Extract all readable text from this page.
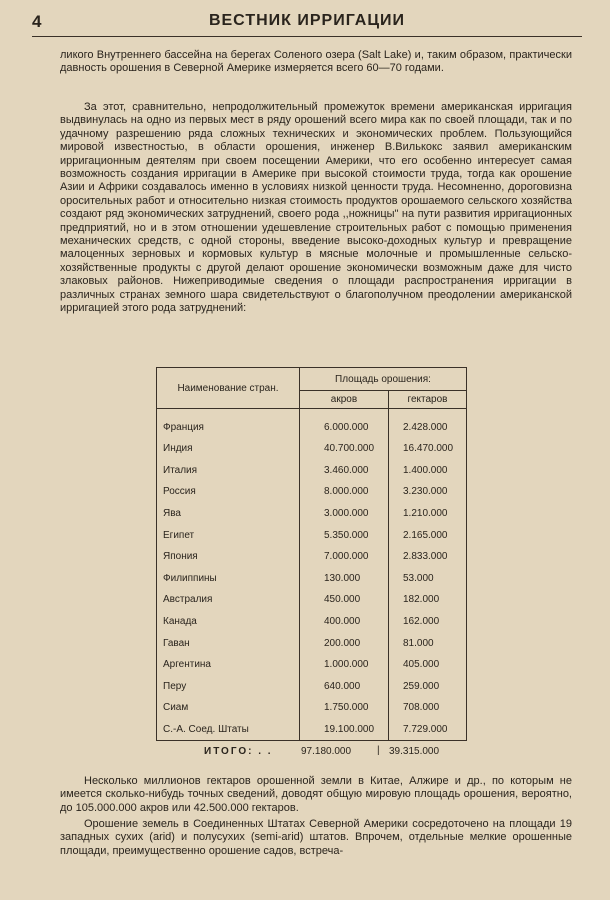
4	ВЕСТНИК ИРРИГАЦИИ

ликого Внутреннего бассейна на берегах Соленого озера (Salt Lake) и, таким образом, практически давность орошения в Северной Америке измеряется всего 60—70 годами.

За этот, сравнительно, непродолжительный промежуток времени американская ирригация выдвинулась на одно из первых мест в ряду орошений всего мира как по своей площади, так и по удачному разрешению ряда сложных технических и экономических проблем. Пользующийся мировой известностью, в области орошения, инженер В.Вилькокс заявил американским ирригационным деятелям при своем посещении Америки, что его особенно интересует самая возможность создания ирригации в Америке при высокой стоимости труда, тогда как орошение Азии и Африки создавалось именно в условиях низкой ценности труда. Несомненно, дороговизна оросительных работ и относительно низкая стоимость продуктов орошаемого сельского хозяйства создают ряд экономических затруднений, своего рода ,,ножницы" на пути развития ирригационных предприятий, но и в этом отношении удешевление строительных работ с помощью применения механических средств, с одной стороны, введение высоко-доходных культур и превращение малоценных зерновых и кормовых культур в мясные молочные и промышленные сельско-хозяйственные продукты с другой делают орошение экономически возможным даже для чисто злаковых районов. Нижеприводимые сведения о площади распространения ирригации в различных странах земного шара свидетельствуют о благополучном преодолении американской ирригацией этого рода затруднений:

Наименование стран.	Площадь орошения:	
	акров	гектаров
Франция	6.000.000	2.428.000
Индия	40.700.000	16.470.000
Италия	3.460.000	1.400.000
Россия	8.000.000	3.230.000
Ява	3.000.000	1.210.000
Египет	5.350.000	2.165.000
Япония	7.000.000	2.833.000
Филиппины	130.000	53.000
Австралия	450.000	182.000
Канада	400.000	162.000
Гаван	200.000	81.000
Аргентина	1.000.000	405.000
Перу	640.000	259.000
Сиам	1.750.000	708.000
С.-А. Соед. Штаты	19.100.000	7.729.000
ИТОГО: . .	97.180.000	| 39.315.000

Несколько миллионов гектаров орошенной земли в Китае, Алжире и др., по которым не имеется сколько-нибудь точных сведений, доводят общую мировую площадь орошения, вероятно, до 105.000.000 акров или 42.500.000 гектаров.

Орошение земель в Соединенных Штатах Северной Америки сосредоточено на площади 19 западных сухих (arid) и полусухих (semi-arid) штатов. Впрочем, отдельные мелкие орошенные площади, преимущественно орошение садов, встреча-
